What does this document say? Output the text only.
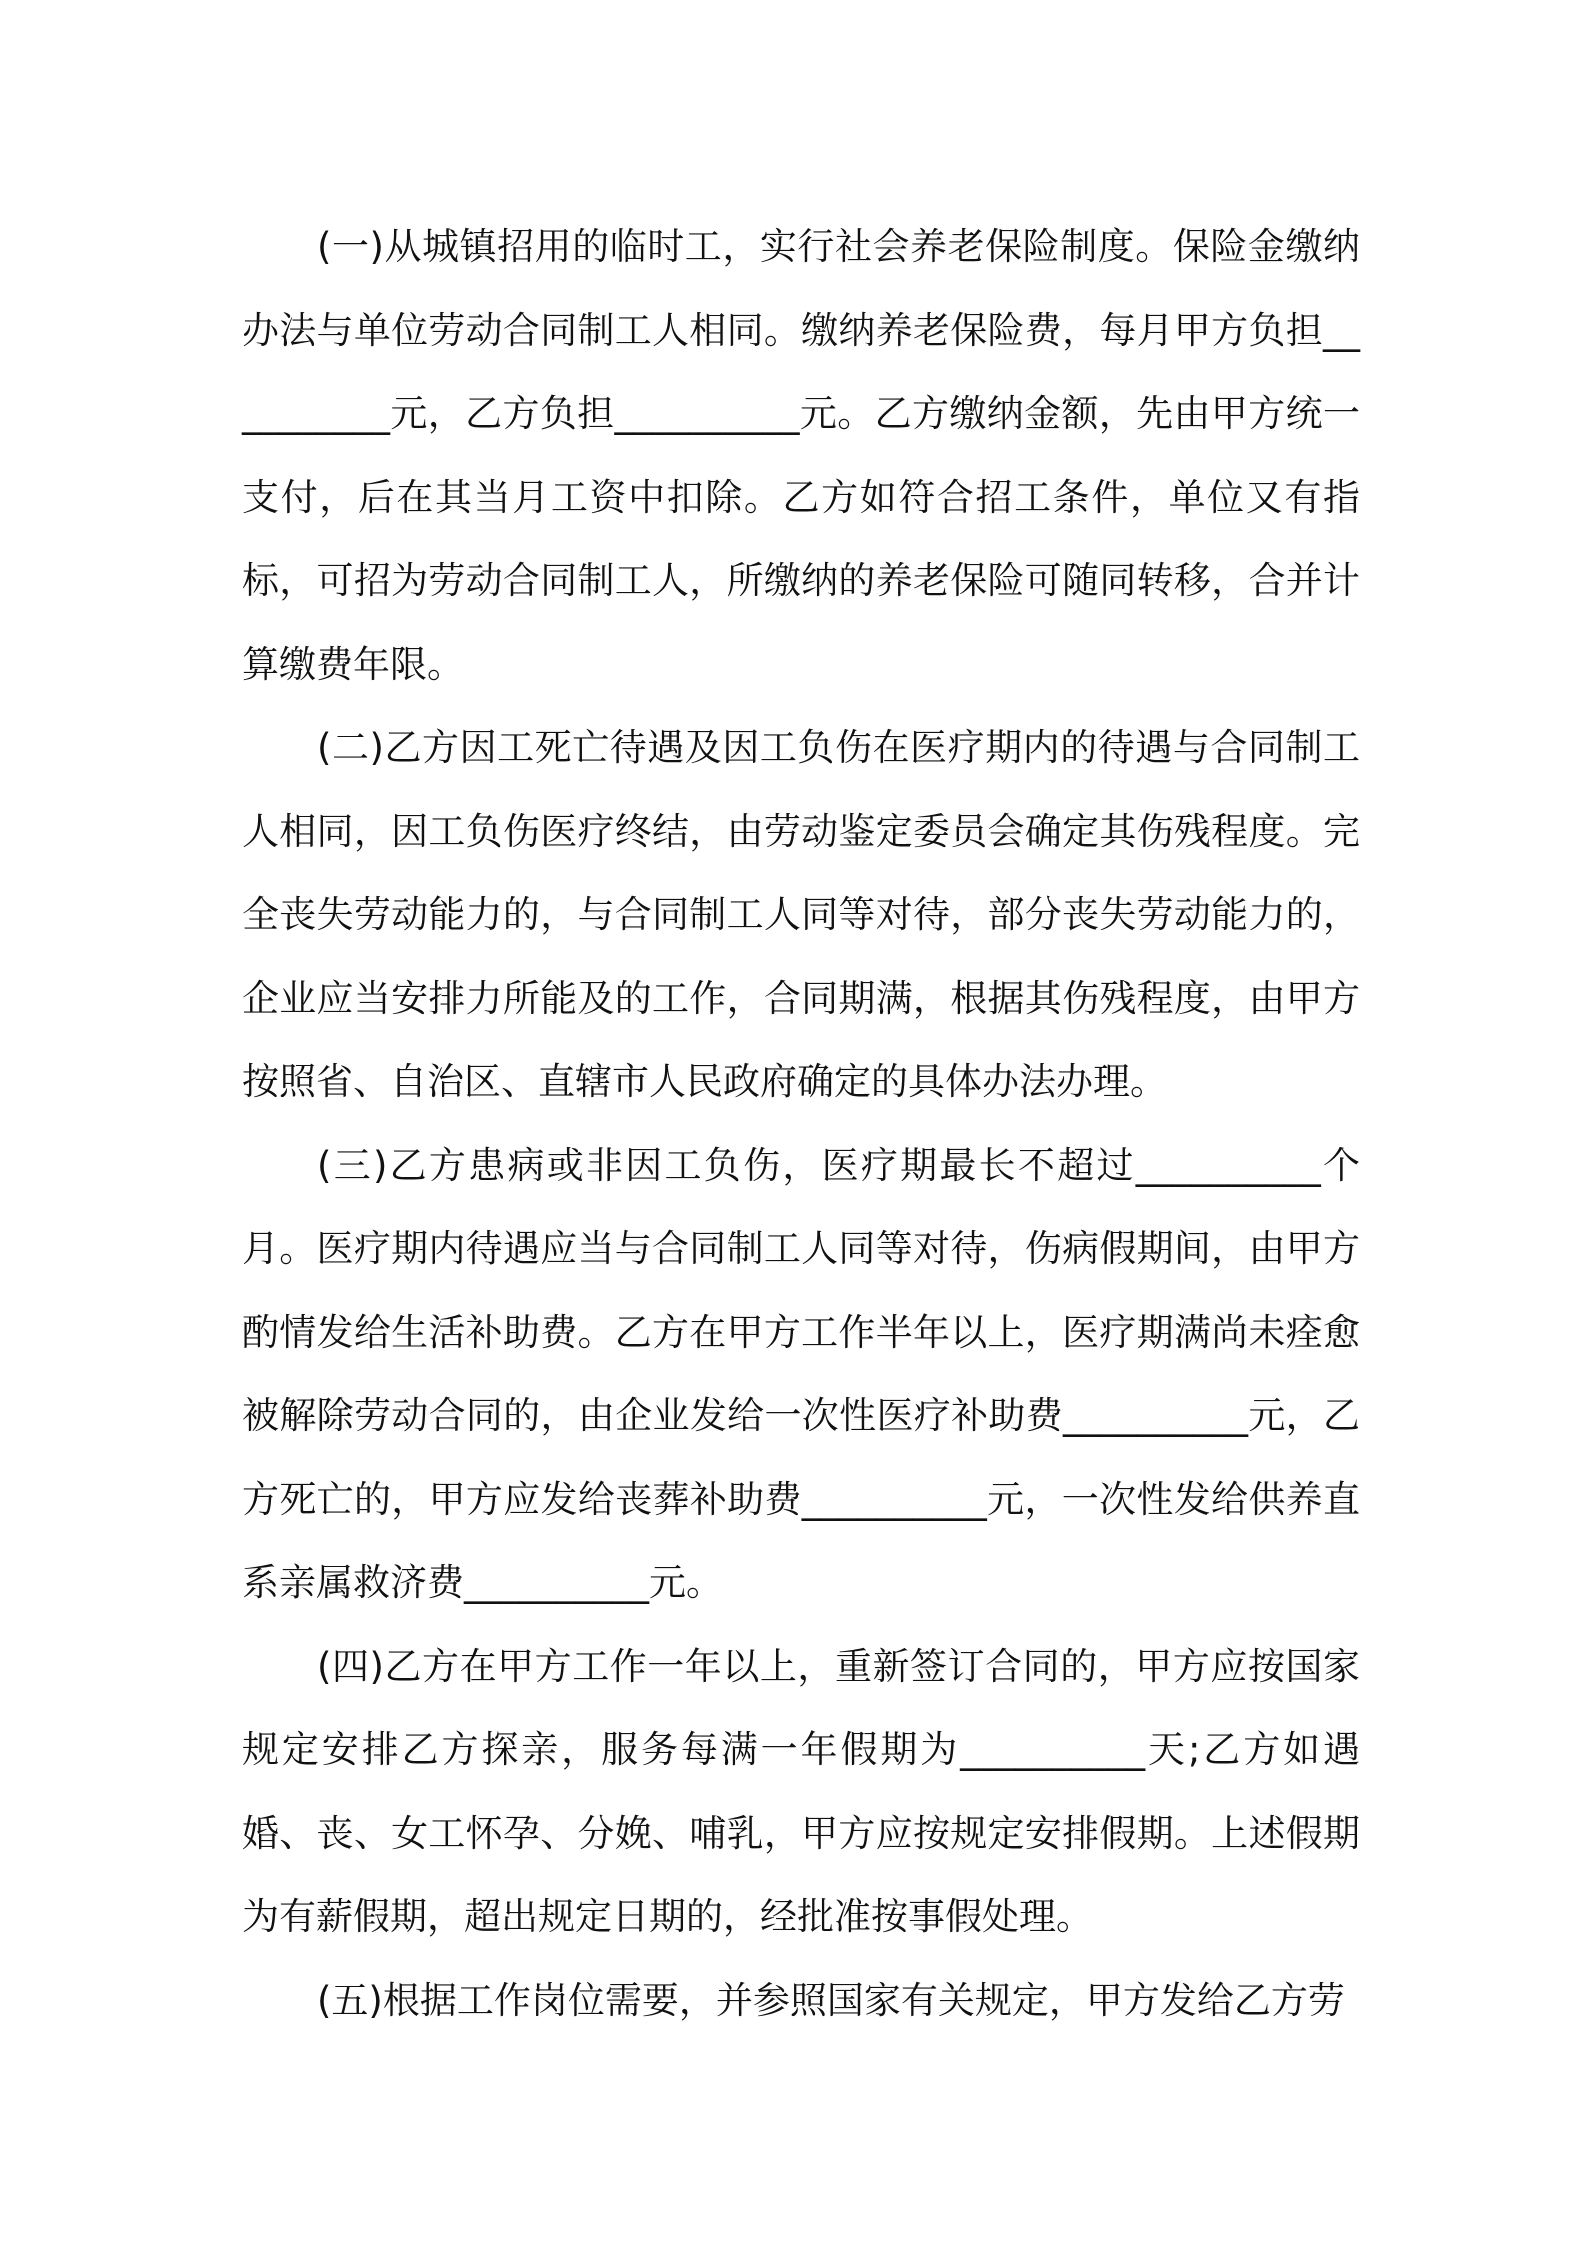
(一)从城镇招用的临时工，实行社会养老保险制度。保险金缴纳办法与单位劳动合同制工人相同。缴纳养老保险费，每月甲方负担__________元，乙方负担__________元。乙方缴纳金额，先由甲方统一支付，后在其当月工资中扣除。乙方如符合招工条件，单位又有指标，可招为劳动合同制工人，所缴纳的养老保险可随同转移，合并计算缴费年限。

(二)乙方因工死亡待遇及因工负伤在医疗期内的待遇与合同制工人相同，因工负伤医疗终结，由劳动鉴定委员会确定其伤残程度。完全丧失劳动能力的，与合同制工人同等对待，部分丧失劳动能力的，企业应当安排力所能及的工作，合同期满，根据其伤残程度，由甲方按照省、自治区、直辖市人民政府确定的具体办法办理。

(三)乙方患病或非因工负伤，医疗期最长不超过__________个月。医疗期内待遇应当与合同制工人同等对待，伤病假期间，由甲方酌情发给生活补助费。乙方在甲方工作半年以上，医疗期满尚未痊愈被解除劳动合同的，由企业发给一次性医疗补助费__________元，乙方死亡的，甲方应发给丧葬补助费__________元，一次性发给供养直系亲属救济费__________元。

(四)乙方在甲方工作一年以上，重新签订合同的，甲方应按国家规定安排乙方探亲，服务每满一年假期为__________天;乙方如遇婚、丧、女工怀孕、分娩、哺乳，甲方应按规定安排假期。上述假期为有薪假期，超出规定日期的，经批准按事假处理。

(五)根据工作岗位需要，并参照国家有关规定，甲方发给乙方劳
